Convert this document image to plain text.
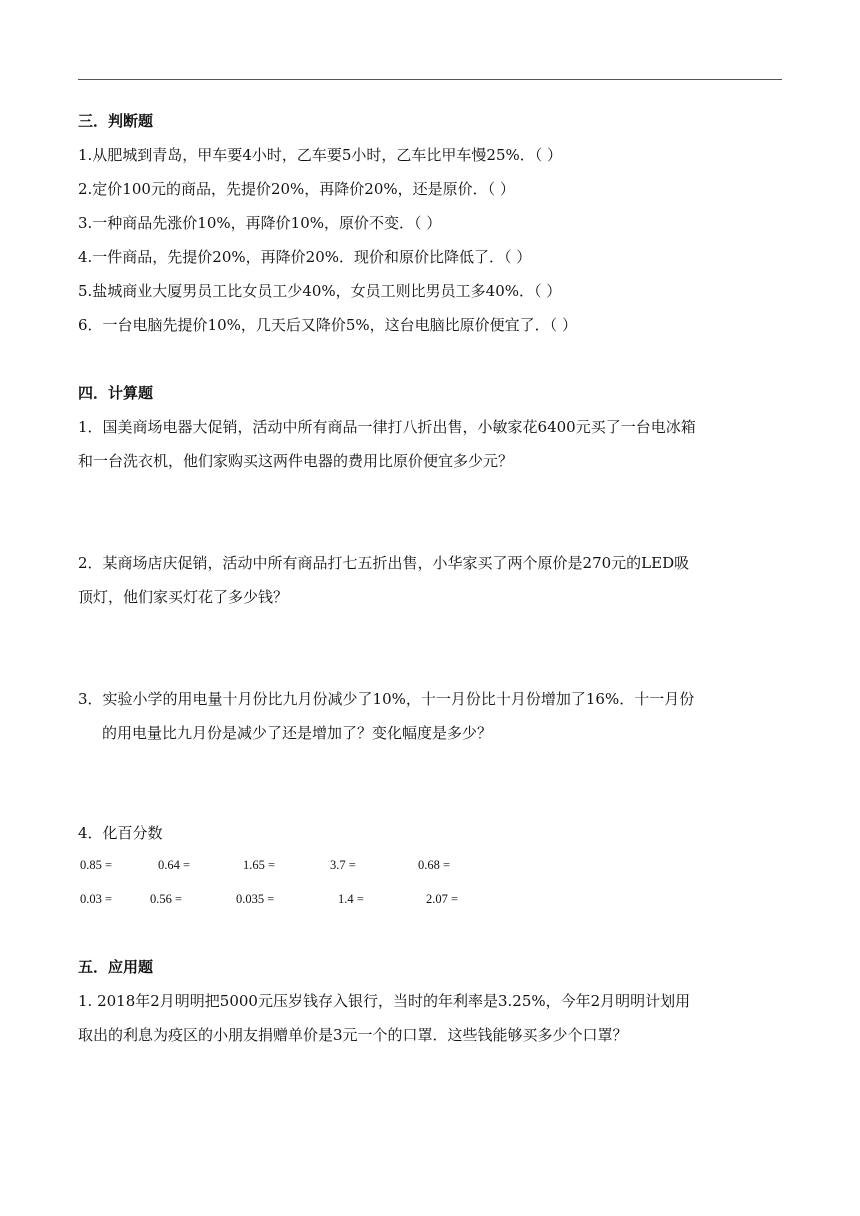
三．判断题
1.从肥城到青岛，甲车要4小时，乙车要5小时，乙车比甲车慢25%．（ ）
2.定价100元的商品，先提价20%，再降价20%，还是原价．（ ）
3.一种商品先涨价10%，再降价10%，原价不变．（ ）
4.一件商品，先提价20%，再降价20%．现价和原价比降低了．（ ）
5.盐城商业大厦男员工比女员工少40%，女员工则比男员工多40%．（ ）
6．一台电脑先提价10%，几天后又降价5%，这台电脑比原价便宜了．（ ）
四．计算题
1．国美商场电器大促销，活动中所有商品一律打八折出售，小敏家花6400元买了一台电冰箱
和一台洗衣机，他们家购买这两件电器的费用比原价便宜多少元？
2．某商场店庆促销，活动中所有商品打七五折出售，小华家买了两个原价是270元的LED吸
顶灯，他们家买灯花了多少钱？
3．实验小学的用电量十月份比九月份减少了10%，十一月份比十月份增加了16%．十一月份
的用电量比九月份是减少了还是增加了？变化幅度是多少？
4．化百分数
0.85 =	0.64 =	1.65 =	3.7 =	0.68 =
0.03 =	0.56 =	0.035 =	1.4 =	2.07 =
五．应用题
1. 2018年2月明明把5000元压岁钱存入银行，当时的年利率是3.25%，今年2月明明计划用
取出的利息为疫区的小朋友捐赠单价是3元一个的口罩．这些钱能够买多少个口罩？
